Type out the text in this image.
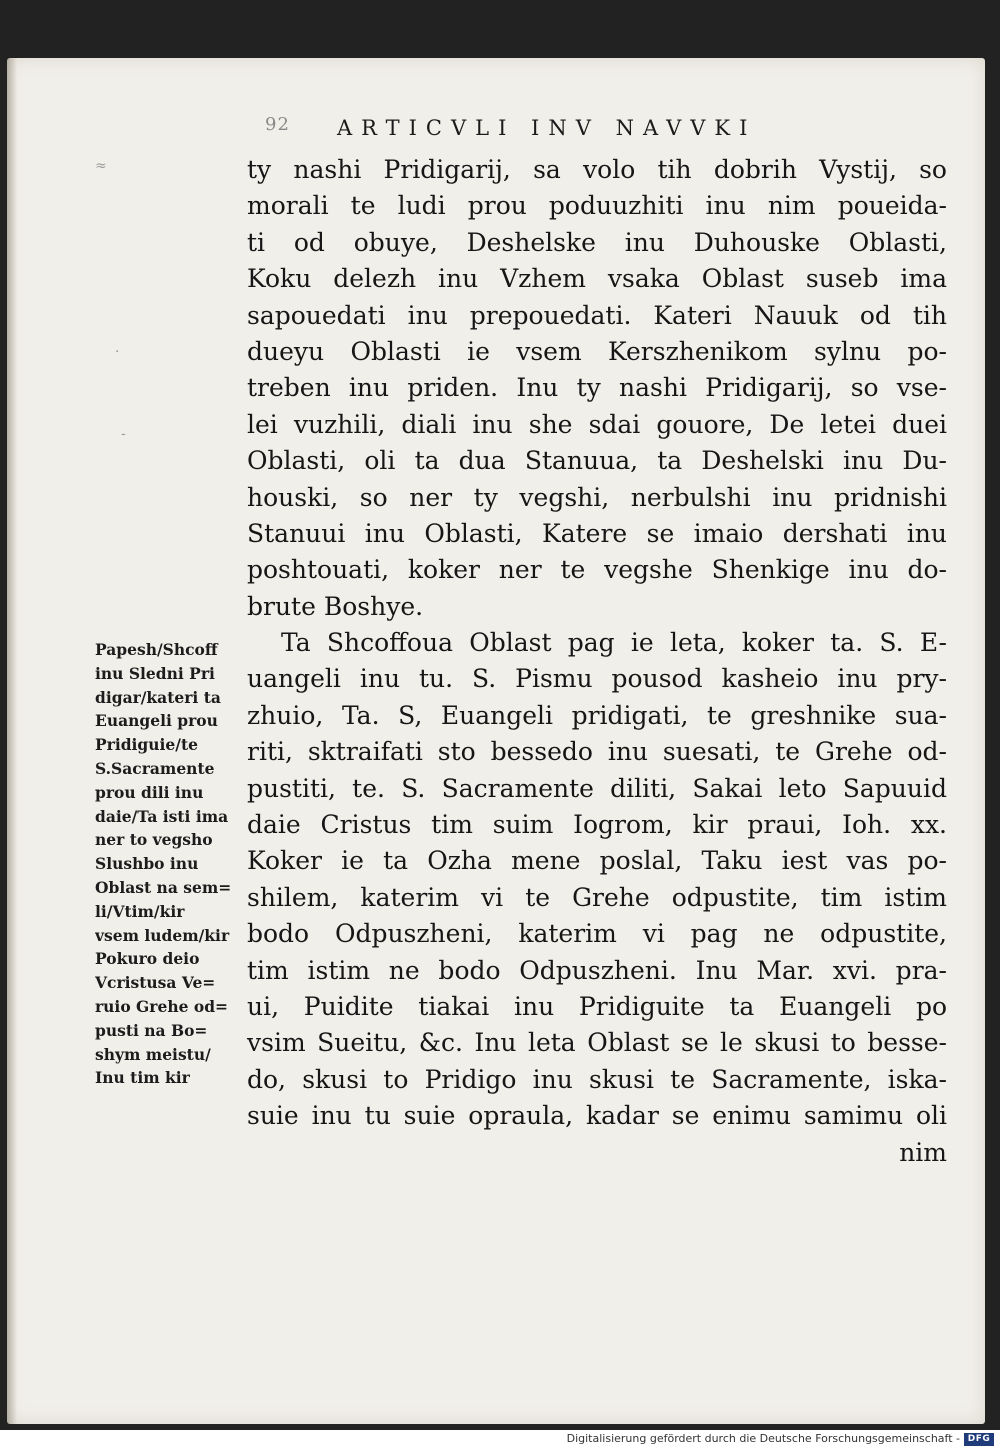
92 ARTICVLI INV NAVVKI
≈
·
-
ty nashi Pridigarij, sa volo tih dobrih Vystij, so
morali te ludi prou poduuzhiti inu nim poueida-
ti od obuye, Deshelske inu Duhouske Oblasti,
Koku delezh inu Vzhem vsaka Oblast suseb ima
sapouedati inu prepouedati. Kateri Nauuk od tih
dueyu Oblasti ie vsem Kerszhenikom sylnu po-
treben inu priden. Inu ty nashi Pridigarij, so vse-
lei vuzhili, diali inu she sdai gouore, De letei duei
Oblasti, oli ta dua Stanuua, ta Deshelski inu Du-
houski, so ner ty vegshi, nerbulshi inu pridnishi
Stanuui inu Oblasti, Katere se imaio dershati inu
poshtouati, koker ner te vegshe Shenkige inu do-
brute Boshye.
Ta Shcoffoua Oblast pag ie leta, koker ta. S. E-
uangeli inu tu. S. Pismu pousod kasheio inu pry-
zhuio, Ta. S, Euangeli pridigati, te greshnike sua-
riti, sktraifati sto bessedo inu suesati, te Grehe od-
pustiti, te. S. Sacramente diliti, Sakai leto Sapuuid
daie Cristus tim suim Iogrom, kir praui, Ioh. xx.
Koker ie ta Ozha mene poslal, Taku iest vas po-
shilem, katerim vi te Grehe odpustite, tim istim
bodo Odpuszheni, katerim vi pag ne odpustite,
tim istim ne bodo Odpuszheni. Inu Mar. xvi. pra-
ui, Puidite tiakai inu Pridiguite ta Euangeli po
vsim Sueitu, &c. Inu leta Oblast se le skusi to besse-
do, skusi to Pridigo inu skusi te Sacramente, iska-
suie inu tu suie opraula, kadar se enimu samimu oli
nim
Papesh/Shcoff
inu Sledni Pri
digar/kateri ta
Euangeli prou
Pridiguie/te
S.Sacramente
prou dili inu
daie/Ta isti ima
ner to vegsho
Slushbo inu
Oblast na sem=
li/Vtim/kir
vsem ludem/kir
Pokuro deio
Vcristusa Ve=
ruio Grehe od=
pusti na Bo=
shym meistu/
Inu tim kir
Digitalisierung gefördert durch die Deutsche Forschungsgemeinschaft - DFG
